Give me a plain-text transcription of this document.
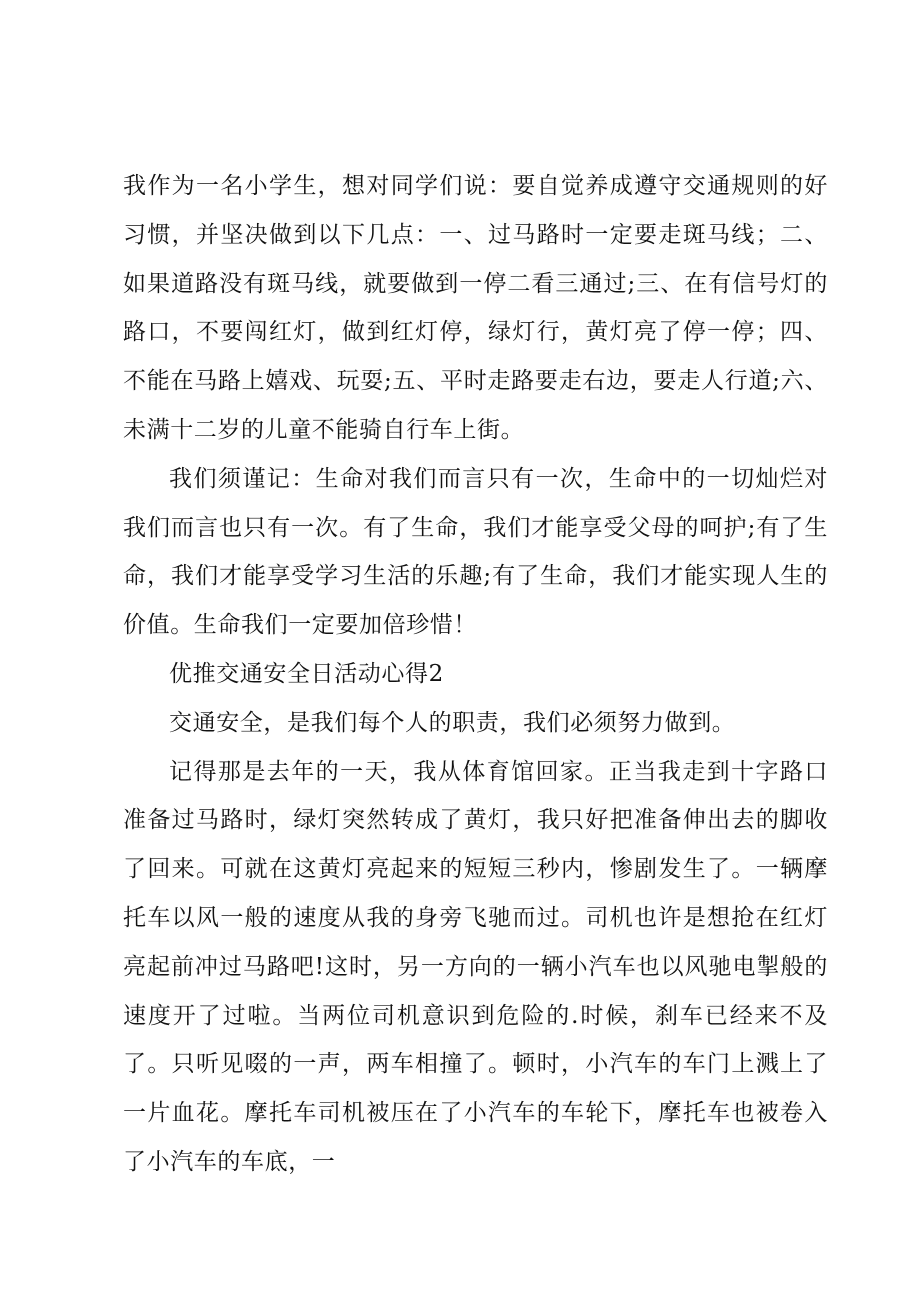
我作为一名小学生，想对同学们说：要自觉养成遵守交通规则的好习惯，并坚决做到以下几点：一、过马路时一定要走斑马线；二、如果道路没有斑马线，就要做到一停二看三通过;三、在有信号灯的路口，不要闯红灯，做到红灯停，绿灯行，黄灯亮了停一停；四、不能在马路上嬉戏、玩耍;五、平时走路要走右边，要走人行道;六、未满十二岁的儿童不能骑自行车上街。

我们须谨记：生命对我们而言只有一次，生命中的一切灿烂对我们而言也只有一次。有了生命，我们才能享受父母的呵护;有了生命，我们才能享受学习生活的乐趣;有了生命，我们才能实现人生的价值。生命我们一定要加倍珍惜！

优推交通安全日活动心得2

交通安全，是我们每个人的职责，我们必须努力做到。

记得那是去年的一天，我从体育馆回家。正当我走到十字路口准备过马路时，绿灯突然转成了黄灯，我只好把准备伸出去的脚收了回来。可就在这黄灯亮起来的短短三秒内，惨剧发生了。一辆摩托车以风一般的速度从我的身旁飞驰而过。司机也许是想抢在红灯亮起前冲过马路吧!这时，另一方向的一辆小汽车也以风驰电掣般的速度开了过啦。当两位司机意识到危险的.时候，刹车已经来不及了。只听见啜的一声，两车相撞了。顿时，小汽车的车门上溅上了一片血花。摩托车司机被压在了小汽车的车轮下，摩托车也被卷入了小汽车的车底，一
